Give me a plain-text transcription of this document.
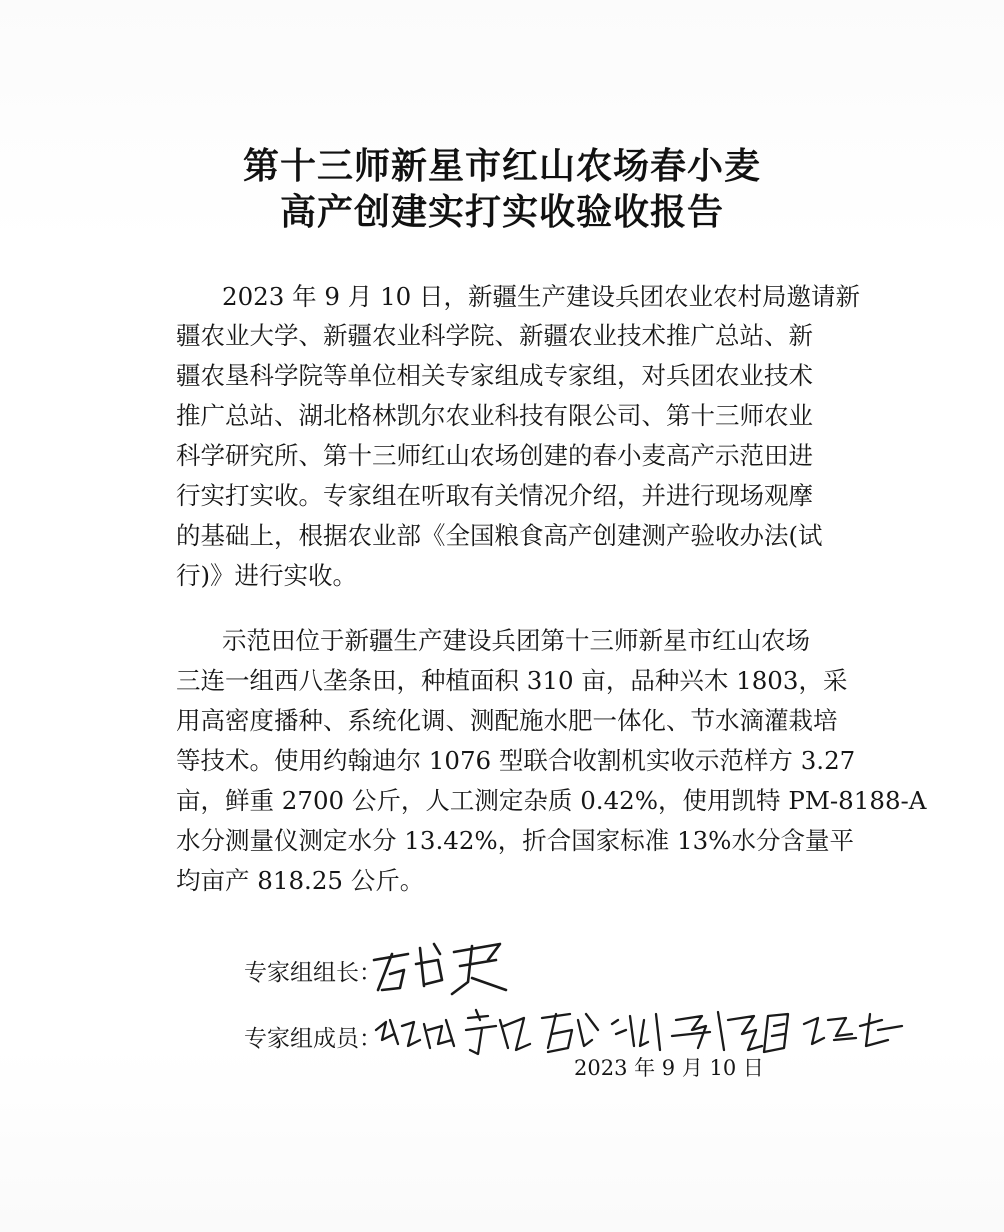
第十三师新星市红山农场春小麦
高产创建实打实收验收报告
2023 年 9 月 10 日，新疆生产建设兵团农业农村局邀请新
疆农业大学、新疆农业科学院、新疆农业技术推广总站、新
疆农垦科学院等单位相关专家组成专家组，对兵团农业技术
推广总站、湖北格林凯尔农业科技有限公司、第十三师农业
科学研究所、第十三师红山农场创建的春小麦高产示范田进
行实打实收。专家组在听取有关情况介绍，并进行现场观摩
的基础上，根据农业部《全国粮食高产创建测产验收办法(试
行)》进行实收。
示范田位于新疆生产建设兵团第十三师新星市红山农场
三连一组西八垄条田，种植面积 310 亩，品种兴木 1803，采
用高密度播种、系统化调、测配施水肥一体化、节水滴灌栽培
等技术。使用约翰迪尔 1076 型联合收割机实收示范样方 3.27
亩，鲜重 2700 公斤，人工测定杂质 0.42%，使用凯特 PM-8188-A
水分测量仪测定水分 13.42%，折合国家标准 13%水分含量平
均亩产 818.25 公斤。
专家组组长：
专家组成员：
2023 年 9 月 10 日
